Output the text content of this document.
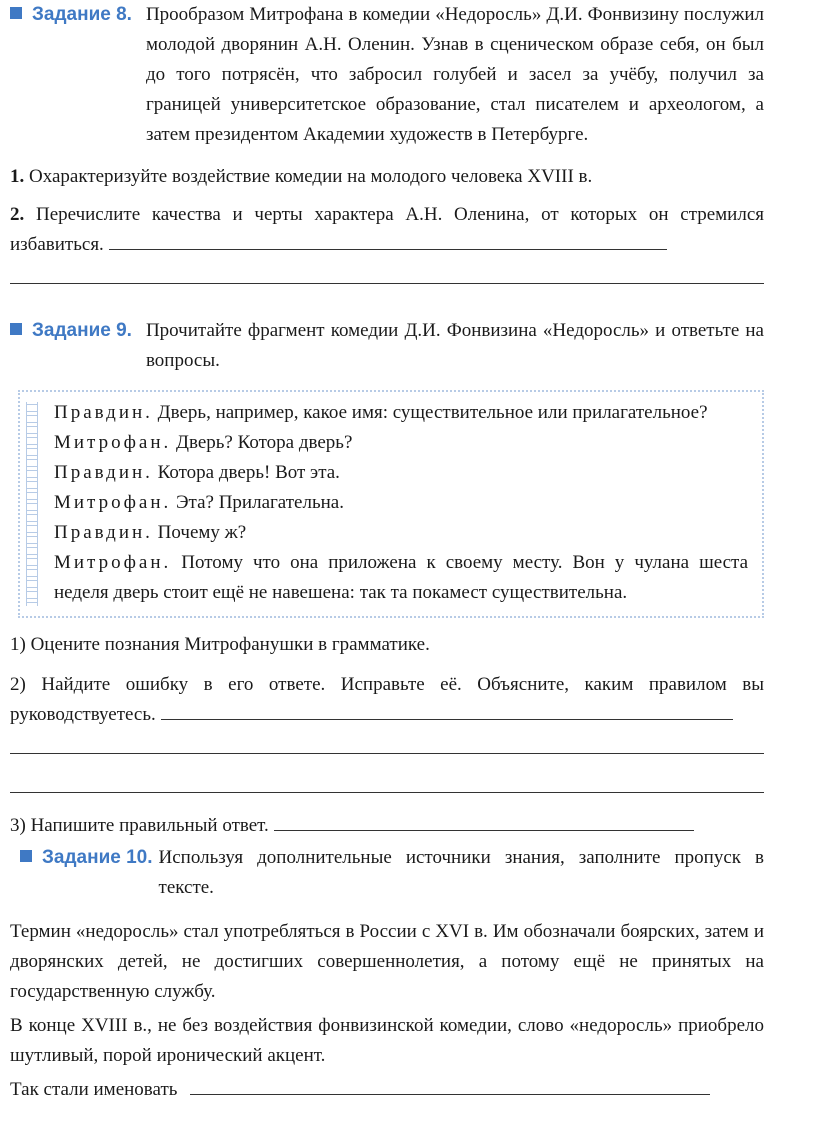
Задание 8. Прообразом Митрофана в комедии «Недоросль» Д.И. Фонвизину послужил молодой дворянин А.Н. Оленин. Узнав в сценическом образе себя, он был до того потрясён, что забросил голубей и засел за учёбу, получил за границей университетское образование, стал писателем и археологом, а затем президентом Академии художеств в Петербурге.

1. Охарактеризуйте воздействие комедии на молодого человека XVIII в.

2. Перечислите качества и черты характера А.Н. Оленина, от которых он стремился избавиться.

Задание 9. Прочитайте фрагмент комедии Д.И. Фонвизина «Недоросль» и ответьте на вопросы.

Правдин. Дверь, например, какое имя: существительное или прилагательное?

Митрофан. Дверь? Котора дверь?

Правдин. Котора дверь! Вот эта.

Митрофан. Эта? Прилагательна.

Правдин. Почему ж?

Митрофан. Потому что она приложена к своему месту. Вон у чулана шеста неделя дверь стоит ещё не навешена: так та покамест существительна.

1) Оцените познания Митрофанушки в грамматике.

2) Найдите ошибку в его ответе. Исправьте её. Объясните, каким правилом вы руководствуетесь.

3) Напишите правильный ответ.

Задание 10. Используя дополнительные источники знания, заполните пропуск в тексте.

Термин «недоросль» стал употребляться в России с XVI в. Им обозначали боярских, затем и дворянских детей, не достигших совершеннолетия, а потому ещё не принятых на государственную службу.

В конце XVIII в., не без воздействия фонвизинской комедии, слово «недоросль» приобрело шутливый, порой иронический акцент.

Так стали именовать
